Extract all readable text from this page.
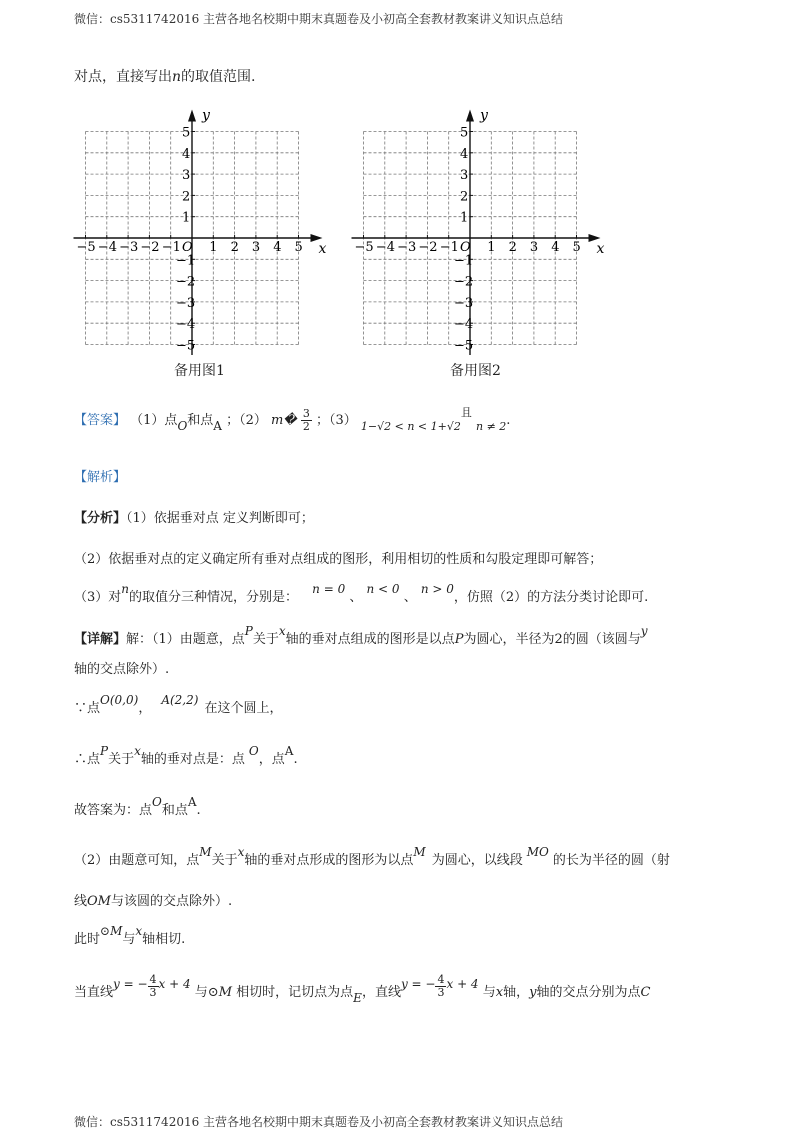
微信：cs5311742016 主营各地名校期中期末真题卷及小初高全套教材教案讲义知识点总结
对点，直接写出n的取值范围.
−5 −4 −3 −2 −1 1 2 3 4 5
5
4
3
2
1
−1
−2
−3
−4
−5
O	x
y
备用图1
−5 −4 −3 −2 −1 1 2 3 4 5
5
4
3
2
1
−1
−2
−3
−4
−5
O	x
y
备用图2
【答案】 （1）点O和点A ；（2） m� $\frac{3}{2}$ ；（3） $_{1-√2 < n < 1+√2}^且$ $_{n \ne 2}$.
【解析】
【分析】（1）依据垂对点 定义判断即可；
（2）依据垂对点的定义确定所有垂对点组成的图形，利用相切的性质和勾股定理即可解答；
（3）对n的取值分三种情况，分别是： n = 0 、 n < 0 、 n > 0，仿照（2）的方法分类讨论即可.
【详解】解：（1）由题意，点P关于x轴的垂对点组成的图形是以点P为圆心，半径为2的圆（该圆与y
轴的交点除外）.
∵点O(0,0)，A(2,2)在这个圆上，
∴点P关于x轴的垂对点是：点O，点A.
故答案为：点O和点A.
（2）由题意可知，点M关于x轴的垂对点形成的图形为以点M为圆心，以线段MO的长为半径的圆（射
线OM与该圆的交点除外）.
此时⊙M与x轴相切.
当直线y = − $\frac{4}{3}$ x + 4 与⊙M 相切时，记切点为点E，直线y = − $\frac{4}{3}$ x + 4 与x轴，y轴的交点分别为点C
微信：cs5311742016 主营各地名校期中期末真题卷及小初高全套教材教案讲义知识点总结
